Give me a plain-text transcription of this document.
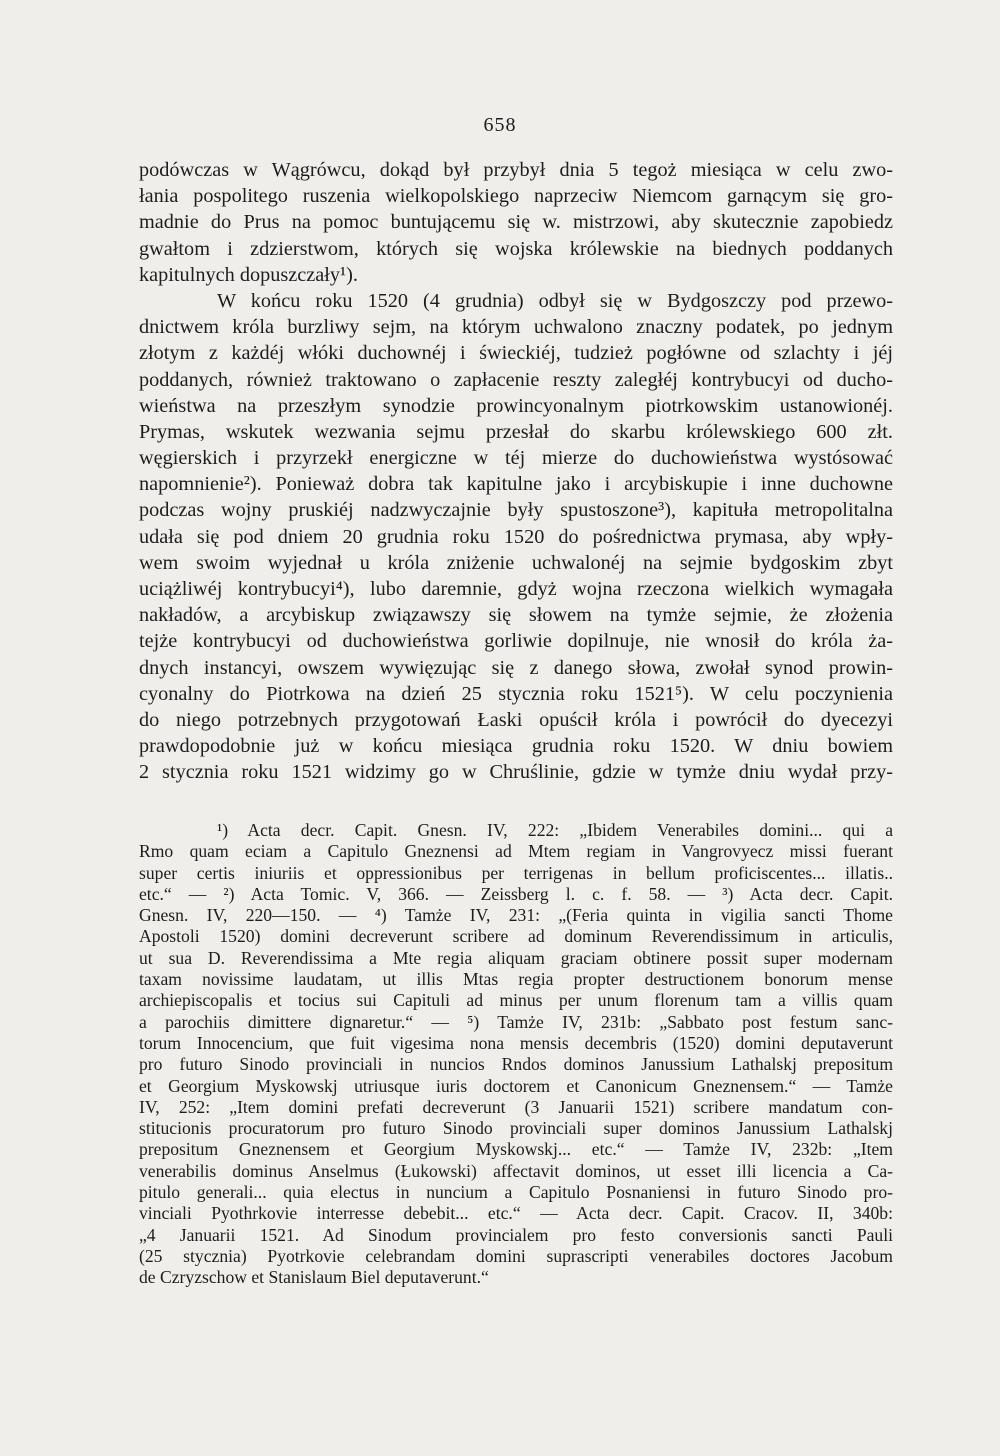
658
podówczas w Wągrówcu, dokąd był przybył dnia 5 tegoż miesiąca w celu zwo-
łania pospolitego ruszenia wielkopolskiego naprzeciw Niemcom garnącym się gro-
madnie do Prus na pomoc buntującemu się w. mistrzowi, aby skutecznie zapobiedz
gwałtom i zdzierstwom, których się wojska królewskie na biednych poddanych
kapitulnych dopuszczały¹).
W końcu roku 1520 (4 grudnia) odbył się w Bydgoszczy pod przewo-
dnictwem króla burzliwy sejm, na którym uchwalono znaczny podatek, po jednym
złotym z każdéj włóki duchownéj i świeckiéj, tudzież pogłówne od szlachty i jéj
poddanych, również traktowano o zapłacenie reszty zaległéj kontrybucyi od ducho-
wieństwa na przeszłym synodzie prowincyonalnym piotrkowskim ustanowionéj.
Prymas, wskutek wezwania sejmu przesłał do skarbu królewskiego 600 złt.
węgierskich i przyrzekł energiczne w téj mierze do duchowieństwa wystósować
napomnienie²). Ponieważ dobra tak kapitulne jako i arcybiskupie i inne duchowne
podczas wojny pruskiéj nadzwyczajnie były spustoszone³), kapituła metropolitalna
udała się pod dniem 20 grudnia roku 1520 do pośrednictwa prymasa, aby wpły-
wem swoim wyjednał u króla zniżenie uchwalonéj na sejmie bydgoskim zbyt
uciążliwéj kontrybucyi⁴), lubo daremnie, gdyż wojna rzeczona wielkich wymagała
nakładów, a arcybiskup związawszy się słowem na tymże sejmie, że złożenia
tejże kontrybucyi od duchowieństwa gorliwie dopilnuje, nie wnosił do króla ża-
dnych instancyi, owszem wywięzując się z danego słowa, zwołał synod prowin-
cyonalny do Piotrkowa na dzień 25 stycznia roku 1521⁵). W celu poczynienia
do niego potrzebnych przygotowań Łaski opuścił króla i powrócił do dyecezyi
prawdopodobnie już w końcu miesiąca grudnia roku 1520. W dniu bowiem
2 stycznia roku 1521 widzimy go w Chruślinie, gdzie w tymże dniu wydał przy-
¹) Acta decr. Capit. Gnesn. IV, 222: „Ibidem Venerabiles domini... qui a
Rmo quam eciam a Capitulo Gneznensi ad Mtem regiam in Vangrovyecz missi fuerant
super certis iniuriis et oppressionibus per terrigenas in bellum proficiscentes... illatis..
etc.“ — ²) Acta Tomic. V, 366. — Zeissberg l. c. f. 58. — ³) Acta decr. Capit.
Gnesn. IV, 220—150. — ⁴) Tamże IV, 231: „(Feria quinta in vigilia sancti Thome
Apostoli 1520) domini decreverunt scribere ad dominum Reverendissimum in articulis,
ut sua D. Reverendissima a Mte regia aliquam graciam obtinere possit super modernam
taxam novissime laudatam, ut illis Mtas regia propter destructionem bonorum mense
archiepiscopalis et tocius sui Capituli ad minus per unum florenum tam a villis quam
a parochiis dimittere dignaretur.“ — ⁵) Tamże IV, 231b: „Sabbato post festum sanc-
torum Innocencium, que fuit vigesima nona mensis decembris (1520) domini deputaverunt
pro futuro Sinodo provinciali in nuncios Rndos dominos Janussium Lathalskj prepositum
et Georgium Myskowskj utriusque iuris doctorem et Canonicum Gneznensem.“ — Tamże
IV, 252: „Item domini prefati decreverunt (3 Januarii 1521) scribere mandatum con-
stitucionis procuratorum pro futuro Sinodo provinciali super dominos Janussium Lathalskj
prepositum Gneznensem et Georgium Myskowskj... etc.“ — Tamże IV, 232b: „Item
venerabilis dominus Anselmus (Łukowski) affectavit dominos, ut esset illi licencia a Ca-
pitulo generali... quia electus in nuncium a Capitulo Posnaniensi in futuro Sinodo pro-
vinciali Pyothrkovie interresse debebit... etc.“ — Acta decr. Capit. Cracov. II, 340b:
„4 Januarii 1521. Ad Sinodum provincialem pro festo conversionis sancti Pauli
(25 stycznia) Pyotrkovie celebrandam domini suprascripti venerabiles doctores Jacobum
de Czryzschow et Stanislaum Biel deputaverunt.“
